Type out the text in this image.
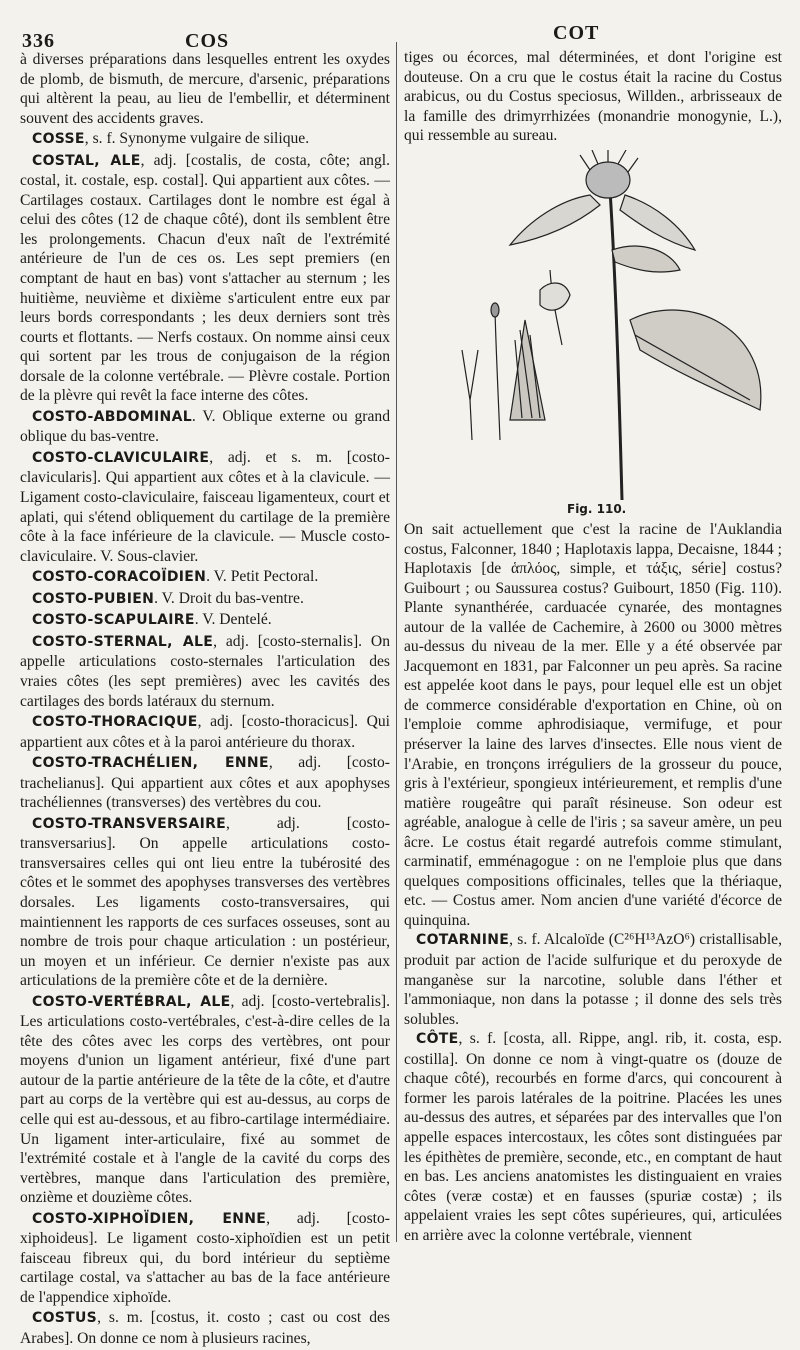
336	COS	COT

à diverses préparations dans lesquelles entrent les oxydes de plomb, de bismuth, de mercure, d'arsenic, préparations qui altèrent la peau, au lieu de l'embellir, et déterminent souvent des accidents graves.

COSSE, s. f. Synonyme vulgaire de silique.

COSTAL, ALE, adj. [costalis, de costa, côte; angl. costal, it. costale, esp. costal]. Qui appartient aux côtes. — Cartilages costaux. Cartilages dont le nombre est égal à celui des côtes (12 de chaque côté), dont ils semblent être les prolongements. Chacun d'eux naît de l'extrémité antérieure de l'un de ces os. Les sept premiers (en comptant de haut en bas) vont s'attacher au sternum ; les huitième, neuvième et dixième s'articulent entre eux par leurs bords correspondants ; les deux derniers sont très courts et flottants. — Nerfs costaux. On nomme ainsi ceux qui sortent par les trous de conjugaison de la région dorsale de la colonne vertébrale. — Plèvre costale. Portion de la plèvre qui revêt la face interne des côtes.

COSTO-ABDOMINAL. V. Oblique externe ou grand oblique du bas-ventre.

COSTO-CLAVICULAIRE, adj. et s. m. [costo-clavicularis]. Qui appartient aux côtes et à la clavicule. — Ligament costo-claviculaire, faisceau ligamenteux, court et aplati, qui s'étend obliquement du cartilage de la première côte à la face inférieure de la clavicule. — Muscle costo-claviculaire. V. Sous-clavier.

COSTO-CORACOÏDIEN. V. Petit Pectoral.

COSTO-PUBIEN. V. Droit du bas-ventre.

COSTO-SCAPULAIRE. V. Dentelé.

COSTO-STERNAL, ALE, adj. [costo-sternalis]. On appelle articulations costo-sternales l'articulation des vraies côtes (les sept premières) avec les cavités des cartilages des bords latéraux du sternum.

COSTO-THORACIQUE, adj. [costo-thoracicus]. Qui appartient aux côtes et à la paroi antérieure du thorax.

COSTO-TRACHÉLIEN, ENNE, adj. [costo-trachelianus]. Qui appartient aux côtes et aux apophyses trachéliennes (transverses) des vertèbres du cou.

COSTO-TRANSVERSAIRE, adj. [costo-transversarius]. On appelle articulations costo-transversaires celles qui ont lieu entre la tubérosité des côtes et le sommet des apophyses transverses des vertèbres dorsales. Les ligaments costo-transversaires, qui maintiennent les rapports de ces surfaces osseuses, sont au nombre de trois pour chaque articulation : un postérieur, un moyen et un inférieur. Ce dernier n'existe pas aux articulations de la première côte et de la dernière.

COSTO-VERTÉBRAL, ALE, adj. [costo-vertebralis]. Les articulations costo-vertébrales, c'est-à-dire celles de la tête des côtes avec les corps des vertèbres, ont pour moyens d'union un ligament antérieur, fixé d'une part autour de la partie antérieure de la tête de la côte, et d'autre part au corps de la vertèbre qui est au-dessus, au corps de celle qui est au-dessous, et au fibro-cartilage intermédiaire. Un ligament inter-articulaire, fixé au sommet de l'extrémité costale et à l'angle de la cavité du corps des vertèbres, manque dans l'articulation des première, onzième et douzième côtes.

COSTO-XIPHOÏDIEN, ENNE, adj. [costo-xiphoideus]. Le ligament costo-xiphoïdien est un petit faisceau fibreux qui, du bord intérieur du septième cartilage costal, va s'attacher au bas de la face antérieure de l'appendice xiphoïde.

COSTUS, s. m. [costus, it. costo ; cast ou cost des Arabes]. On donne ce nom à plusieurs racines,

tiges ou écorces, mal déterminées, et dont l'origine est douteuse. On a cru que le costus était la racine du Costus arabicus, ou du Costus speciosus, Willden., arbrisseaux de la famille des drimyrrhizées (monandrie monogynie, L.), qui ressemble au sureau.

Fig. 110.

On sait actuellement que c'est la racine de l'Auklandia costus, Falconner, 1840 ; Haplotaxis lappa, Decaisne, 1844 ; Haplotaxis [de ἁπλόος, simple, et τάξις, série] costus? Guibourt ; ou Saussurea costus? Guibourt, 1850 (Fig. 110). Plante synanthérée, carduacée cynarée, des montagnes autour de la vallée de Cachemire, à 2600 ou 3000 mètres au-dessus du niveau de la mer. Elle y a été observée par Jacquemont en 1831, par Falconner un peu après. Sa racine est appelée koot dans le pays, pour lequel elle est un objet de commerce considérable d'exportation en Chine, où on l'emploie comme aphrodisiaque, vermifuge, et pour préserver la laine des larves d'insectes. Elle nous vient de l'Arabie, en tronçons irréguliers de la grosseur du pouce, gris à l'extérieur, spongieux intérieurement, et remplis d'une matière rougeâtre qui paraît résineuse. Son odeur est agréable, analogue à celle de l'iris ; sa saveur amère, un peu âcre. Le costus était regardé autrefois comme stimulant, carminatif, emménagogue : on ne l'emploie plus que dans quelques compositions officinales, telles que la thériaque, etc. — Costus amer. Nom ancien d'une variété d'écorce de quinquina.

COTARNINE, s. f. Alcaloïde (C²⁶H¹³AzO⁶) cristallisable, produit par action de l'acide sulfurique et du peroxyde de manganèse sur la narcotine, soluble dans l'éther et l'ammoniaque, non dans la potasse ; il donne des sels très solubles.

CÔTE, s. f. [costa, all. Rippe, angl. rib, it. costa, esp. costilla]. On donne ce nom à vingt-quatre os (douze de chaque côté), recourbés en forme d'arcs, qui concourent à former les parois latérales de la poitrine. Placées les unes au-dessus des autres, et séparées par des intervalles que l'on appelle espaces intercostaux, les côtes sont distinguées par les épithètes de première, seconde, etc., en comptant de haut en bas. Les anciens anatomistes les distinguaient en vraies côtes (veræ costæ) et en fausses (spuriæ costæ) ; ils appelaient vraies les sept côtes supérieures, qui, articulées en arrière avec la colonne vertébrale, viennent
